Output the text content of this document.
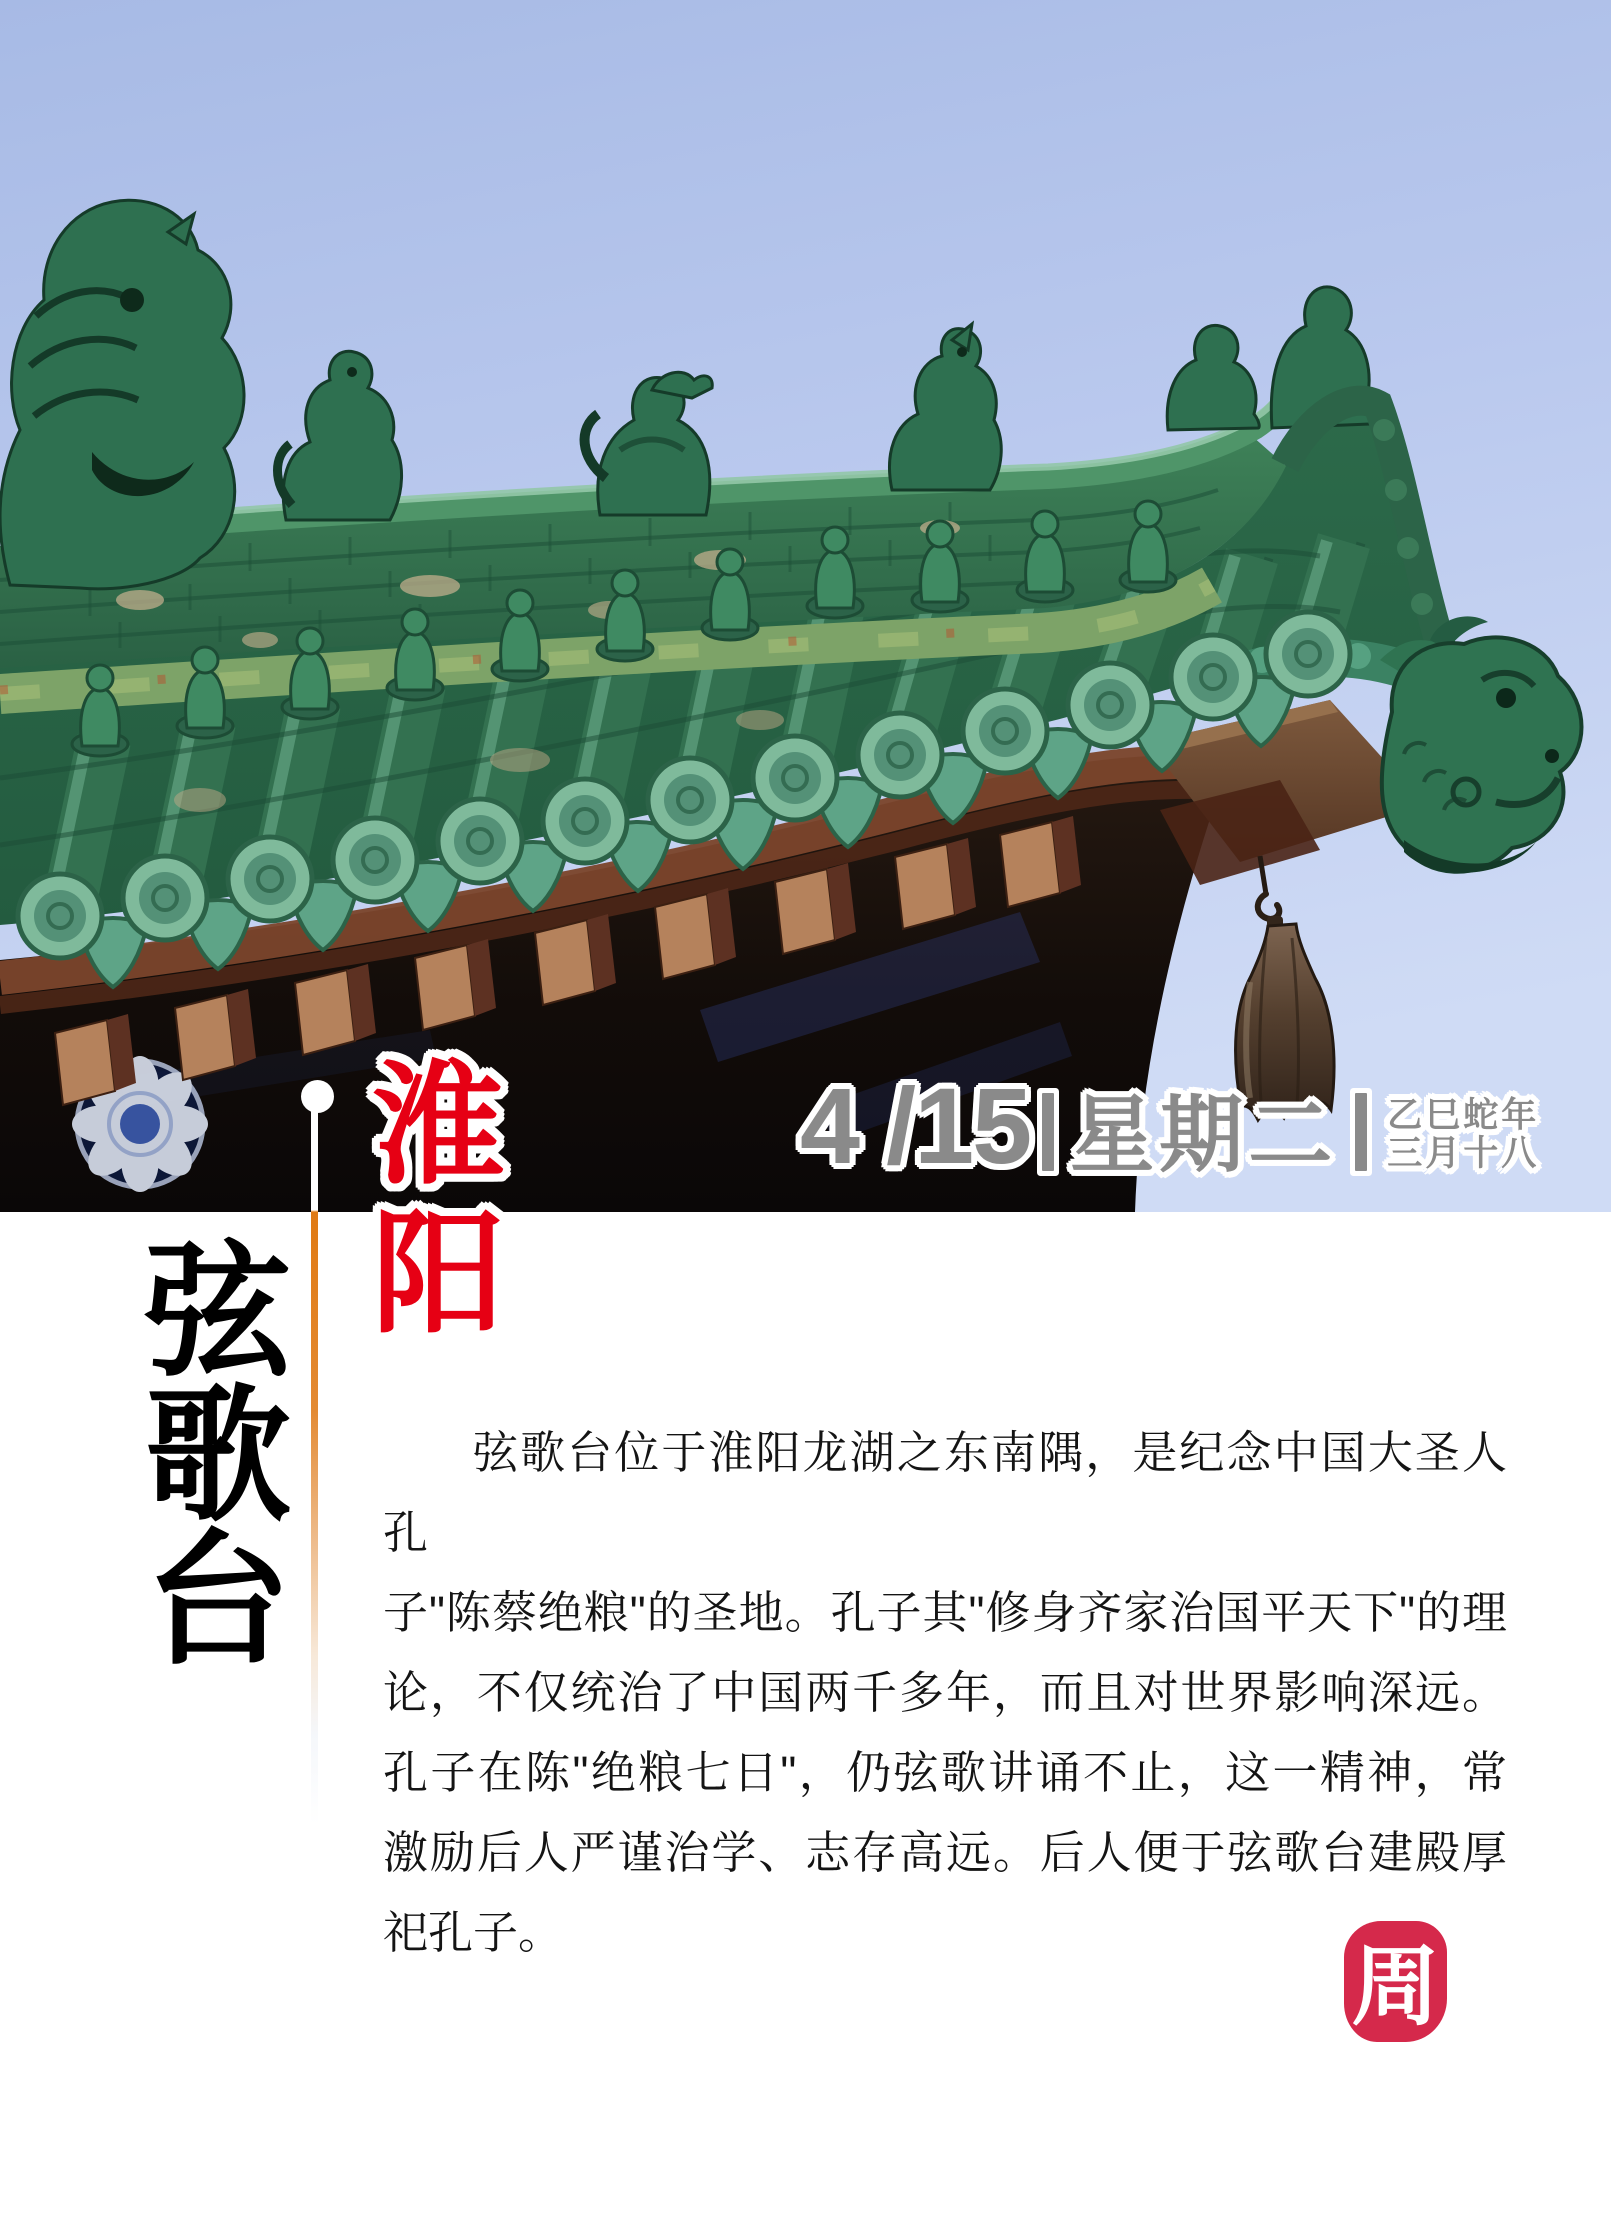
4 /15 星期二 乙巳蛇年
三月十八
淮阳
弦歌台	弦歌台位于淮阳龙湖之东南隅，是纪念中国大圣人孔
子"陈蔡绝粮"的圣地。孔子其"修身齐家治国平天下"的理
论，不仅统治了中国两千多年，而且对世界影响深远。
孔子在陈"绝粮七日"，仍弦歌讲诵不止，这一精神，常
激励后人严谨治学、志存高远。后人便于弦歌台建殿厚
祀孔子。
周
